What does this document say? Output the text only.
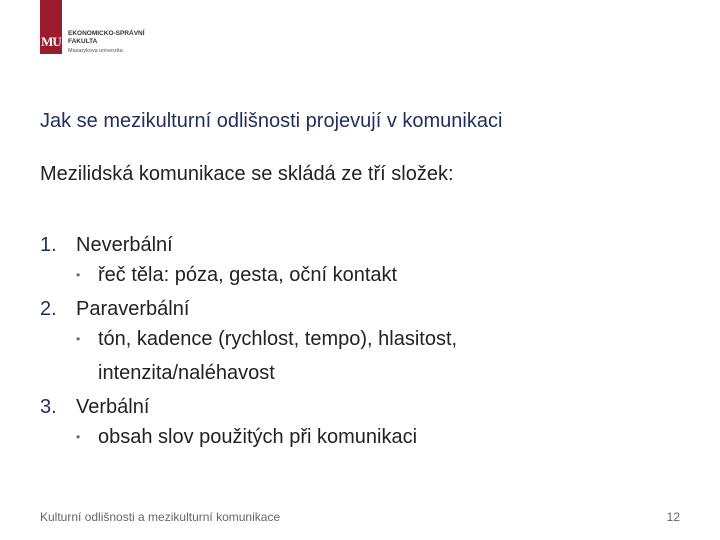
MU
EKONOMICKO-SPRÁVNÍ
FAKULTA
Masarykova univerzita
Jak se mezikulturní odlišnosti projevují v komunikaci
Mezilidská komunikace se skládá ze tří složek:
1. Neverbální
• řeč těla: póza, gesta, oční kontakt
2. Paraverbální
• tón, kadence (rychlost, tempo), hlasitost, intenzita/naléhavost
3. Verbální
• obsah slov použitých při komunikaci
Kulturní odlišnosti a mezikulturní komunikace	12
